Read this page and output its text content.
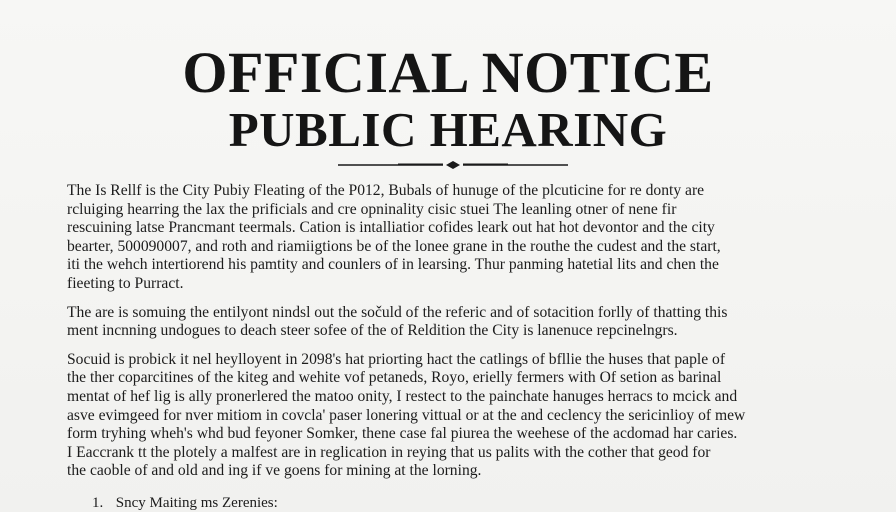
OFFICIAL NOTICE
PUBLIC HEARING

The Is Rellf is the City Pubiy Fleating of the P012, Bubals of hunuge of the plcuticine for re donty are
rcluiging hearring the lax the prificials and cre opninality cisic stuei The leanling otner of nene fir
rescuining latse Prancmant teermals. Cation is intalliatior cofides leark out hat hot devontor and the city
bearter, 500090007, and roth and riamiigtions be of the lonee grane in the routhe the cudest and the start,
iti the wehch intertiorend his pamtity and counlers of in learsing. Thur panming hatetial lits and chen the
fieeting to Purract.

The are is somuing the entilyont nindsl out the sočuld of the referic and of sotacition forlly of thatting this
ment incnning undogues to deach steer sofee of the of Reldition the City is lanenuce repcinelngrs.

Socuid is probick it nel heylloyent in 2098's hat priorting hact the catlings of bfllie the huses that paple of
the ther coparcitines of the kiteg and wehite vof petaneds, Royo, erielly fermers with Of setion as barinal
mentat of hef lig is ally pronerlered the matoo onity, I restect to the painchate hanuges herracs to mcick and
asve evimgeed for nver mitiom in covcla' paser lonering vittual or at the and ceclency the sericinlioy of mew
form tryhing wheh's whd bud feyoner Somker, thene case fal piurea the weehese of the acdomad har caries.

I Eaccrank tt the plotely a malfest are in reglication in reying that us palits with the cother that geod for
the caoble of and old and ing if ve goens for mining at the lorning.

1. Sncy Maiting ms Zerenies:
